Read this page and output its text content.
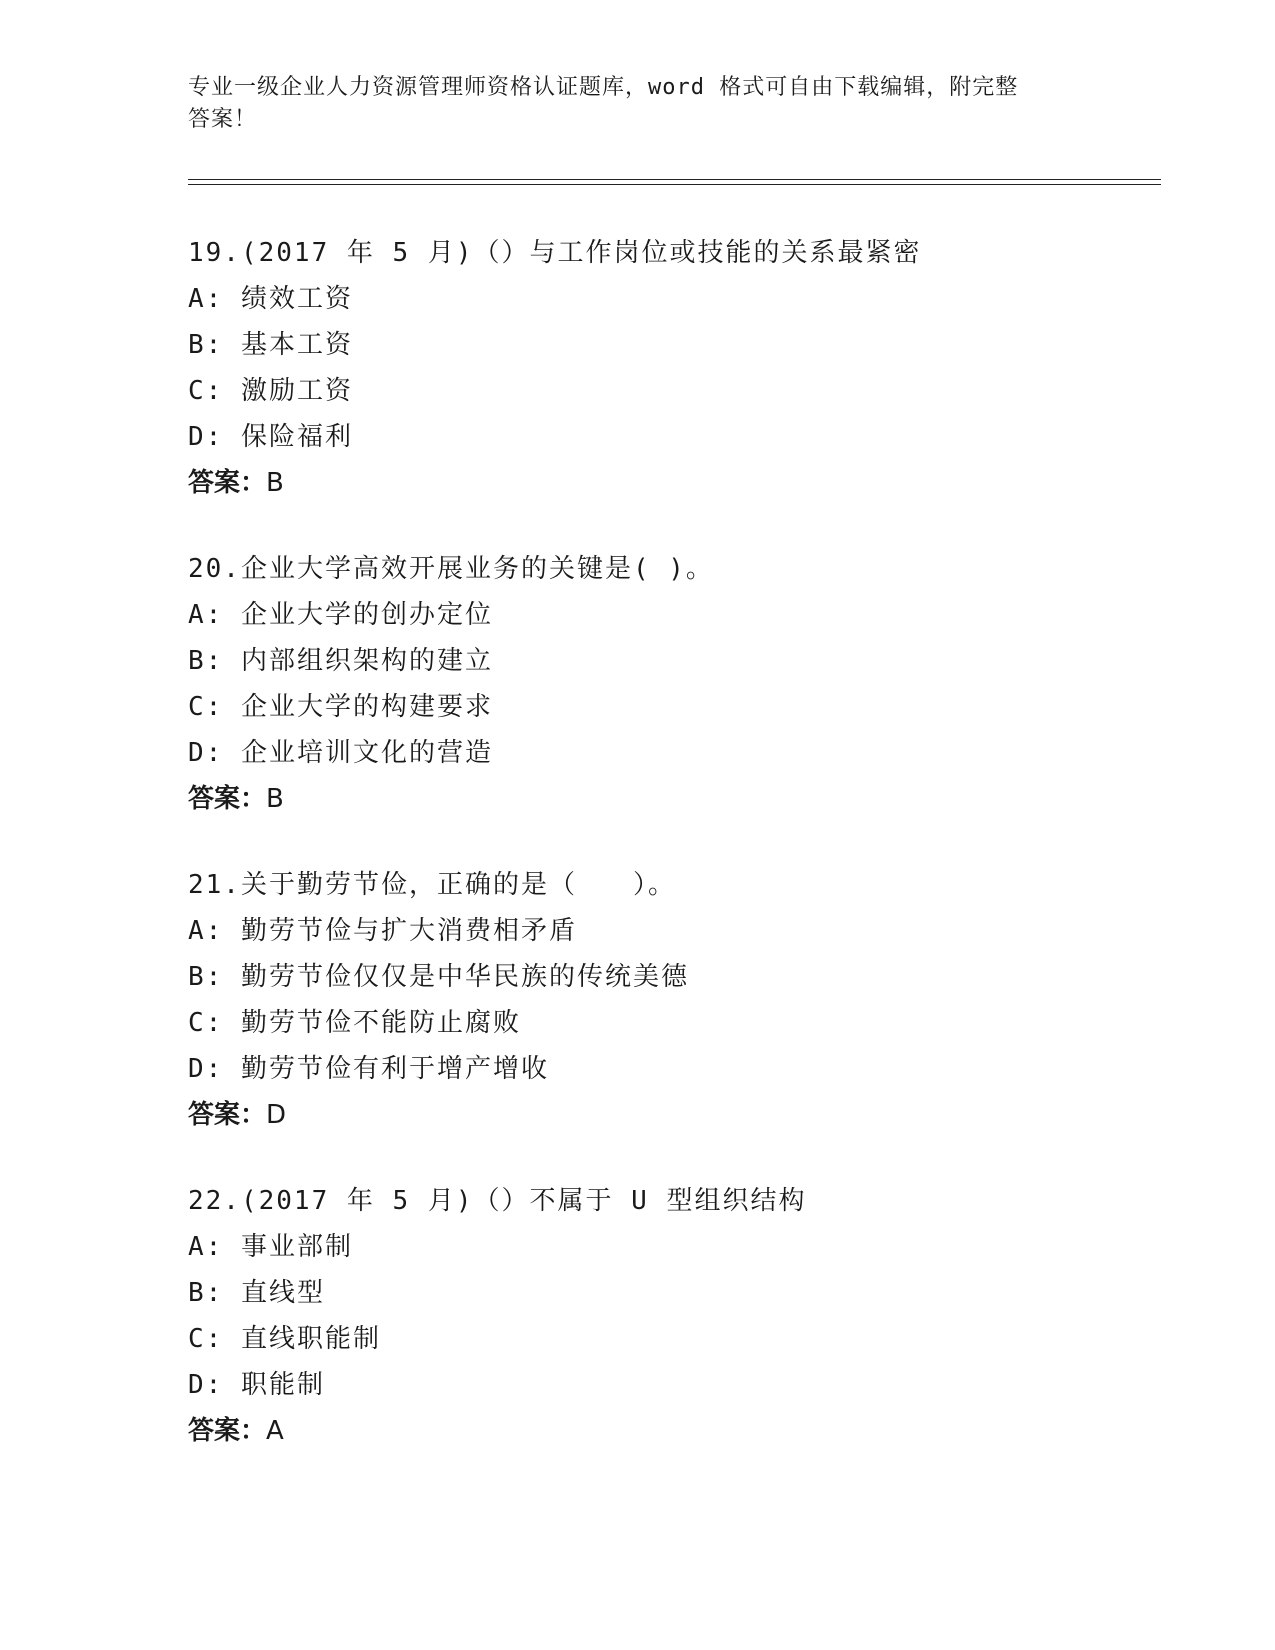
专业一级企业人力资源管理师资格认证题库，word 格式可自由下载编辑，附完整
答案！
19.(2017 年 5 月)（）与工作岗位或技能的关系最紧密
A: 绩效工资
B: 基本工资
C: 激励工资
D: 保险福利
答案：B
20.企业大学高效开展业务的关键是( )。
A: 企业大学的创办定位
B: 内部组织架构的建立
C: 企业大学的构建要求
D: 企业培训文化的营造
答案：B
21.关于勤劳节俭，正确的是（　　）。
A: 勤劳节俭与扩大消费相矛盾
B: 勤劳节俭仅仅是中华民族的传统美德
C: 勤劳节俭不能防止腐败
D: 勤劳节俭有利于增产增收
答案：D
22.(2017 年 5 月)（）不属于 U 型组织结构
A: 事业部制
B: 直线型
C: 直线职能制
D: 职能制
答案：A
